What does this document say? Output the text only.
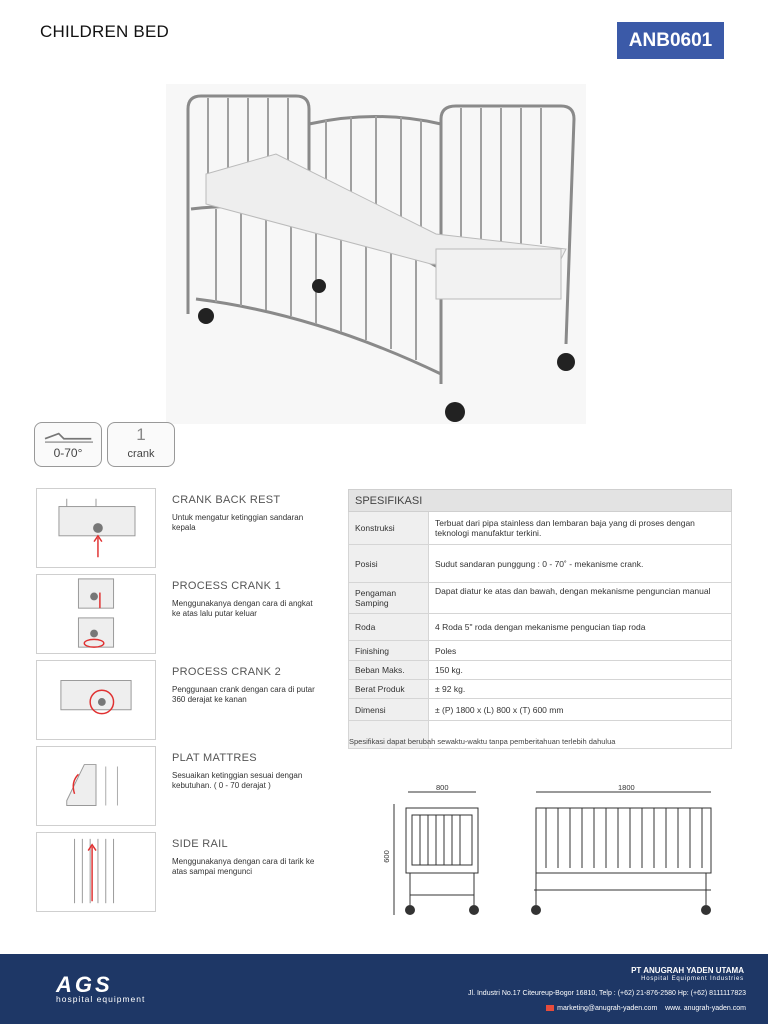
CHILDREN BED	ANB0601
0-70°
1
crank
CRANK BACK REST
Untuk mengatur ketinggian sandaran kepala
PROCESS CRANK 1
Menggunakanya dengan cara di angkat ke atas lalu putar keluar
PROCESS CRANK 2
Penggunaan crank dengan cara di putar 360 derajat ke kanan
PLAT MATTRES
Sesuaikan ketinggian sesuai dengan kebutuhan. ( 0 - 70 derajat )
SIDE RAIL
Menggunakanya dengan cara di tarik ke atas sampai mengunci
SPESIFIKASI	
Konstruksi	Terbuat dari pipa stainless dan lembaran baja yang di proses dengan teknologi manufaktur terkini.
Posisi	Sudut sandaran punggung : 0 - 70˚ - mekanisme crank.
Pengaman Samping	Dapat diatur ke atas dan bawah, dengan mekanisme penguncian manual
Roda	4 Roda 5" roda dengan mekanisme pengucian tiap roda
Finishing	Poles
Beban Maks.	150 kg.
Berat Produk	± 92 kg.
Dimensi	± (P) 1800 x (L) 800 x (T) 600 mm

Spesifikasi dapat berubah sewaktu-waktu tanpa pemberitahuan terlebih dahulua
800
600
1800
AGS
hospital equipment
PT ANUGRAH YADEN UTAMA
Hospital Equipment Industries
Jl. Industri No.17 Citeureup-Bogor 16810, Telp : (+62) 21-876-2580 Hp: (+62) 8111117823
marketing@anugrah-yaden.com www. anugrah-yaden.com
